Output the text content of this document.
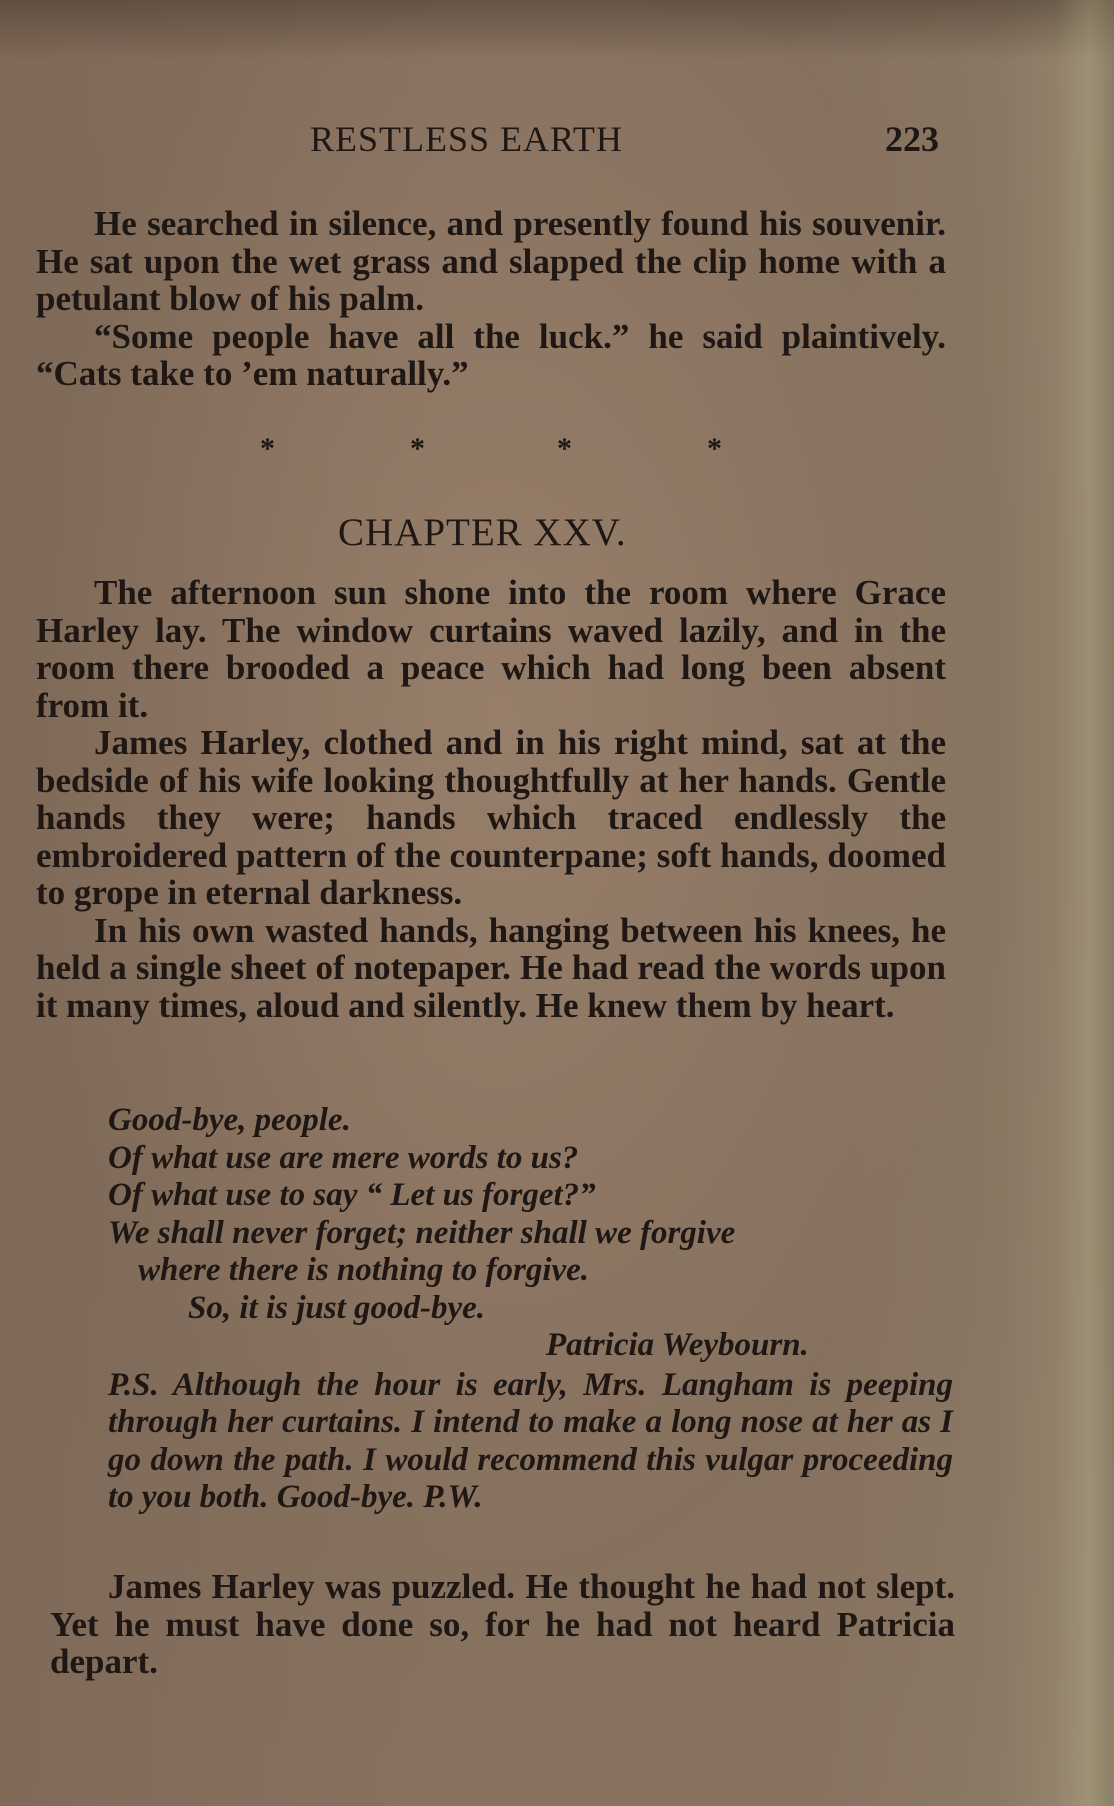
RESTLESS EARTH	223

He searched in silence, and presently found his souvenir. He sat upon the wet grass and slapped the clip home with a petulant blow of his palm.

“Some people have all the luck.” he said plaintively. “Cats take to ’em naturally.”

*	*	*	*
CHAPTER XXV.

The afternoon sun shone into the room where Grace Harley lay. The window curtains waved lazily, and in the room there brooded a peace which had long been absent from it.

James Harley, clothed and in his right mind, sat at the bedside of his wife looking thoughtfully at her hands. Gentle hands they were; hands which traced endlessly the embroidered pattern of the counterpane; soft hands, doomed to grope in eternal darkness.

In his own wasted hands, hanging between his knees, he held a single sheet of notepaper. He had read the words upon it many times, aloud and silently. He knew them by heart.

Good-bye, people.
Of what use are mere words to us?
Of what use to say “ Let us forget?”
We shall never forget; neither shall we forgive
where there is nothing to forgive.
So, it is just good-bye.
Patricia Weybourn.
P.S. Although the hour is early, Mrs. Langham is peeping through her curtains. I intend to make a long nose at her as I go down the path. I would recommend this vulgar proceeding to you both. Good-bye. P.W.

James Harley was puzzled. He thought he had not slept. Yet he must have done so, for he had not heard Patricia depart.
